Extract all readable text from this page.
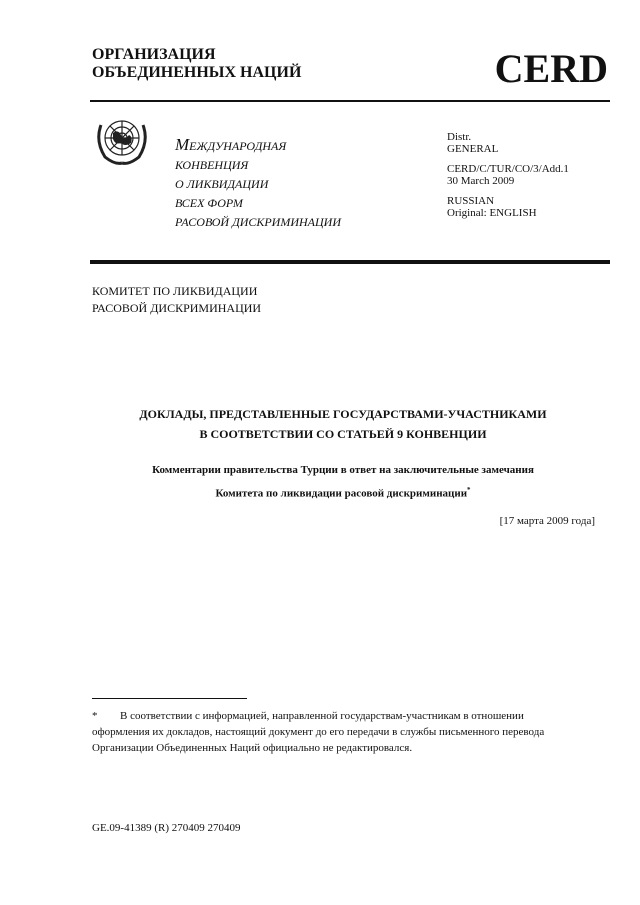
ОРГАНИЗАЦИЯ
ОБЪЕДИНЕННЫХ НАЦИЙ	CERD
МЕЖДУНАРОДНАЯ
КОНВЕНЦИЯ
О ЛИКВИДАЦИИ
ВСЕХ ФОРМ
РАСОВОЙ ДИСКРИМИНАЦИИ

Distr.
GENERAL

CERD/C/TUR/CO/3/Add.1
30 March 2009

RUSSIAN
Original: ENGLISH

КОМИТЕТ ПО ЛИКВИДАЦИИ
РАСОВОЙ ДИСКРИМИНАЦИИ
ДОКЛАДЫ, ПРЕДСТАВЛЕННЫЕ ГОСУДАРСТВАМИ-УЧАСТНИКАМИ
В СООТВЕТСТВИИ СО СТАТЬЕЙ 9 КОНВЕНЦИИ
Комментарии правительства Турции в ответ на заключительные замечания
Комитета по ликвидации расовой дискриминации*
[17 марта 2009 года]
* В соответствии с информацией, направленной государствам-участникам в отношении оформления их докладов, настоящий документ до его передачи в службы письменного перевода Организации Объединенных Наций официально не редактировался.
GE.09-41389 (R) 270409 270409
